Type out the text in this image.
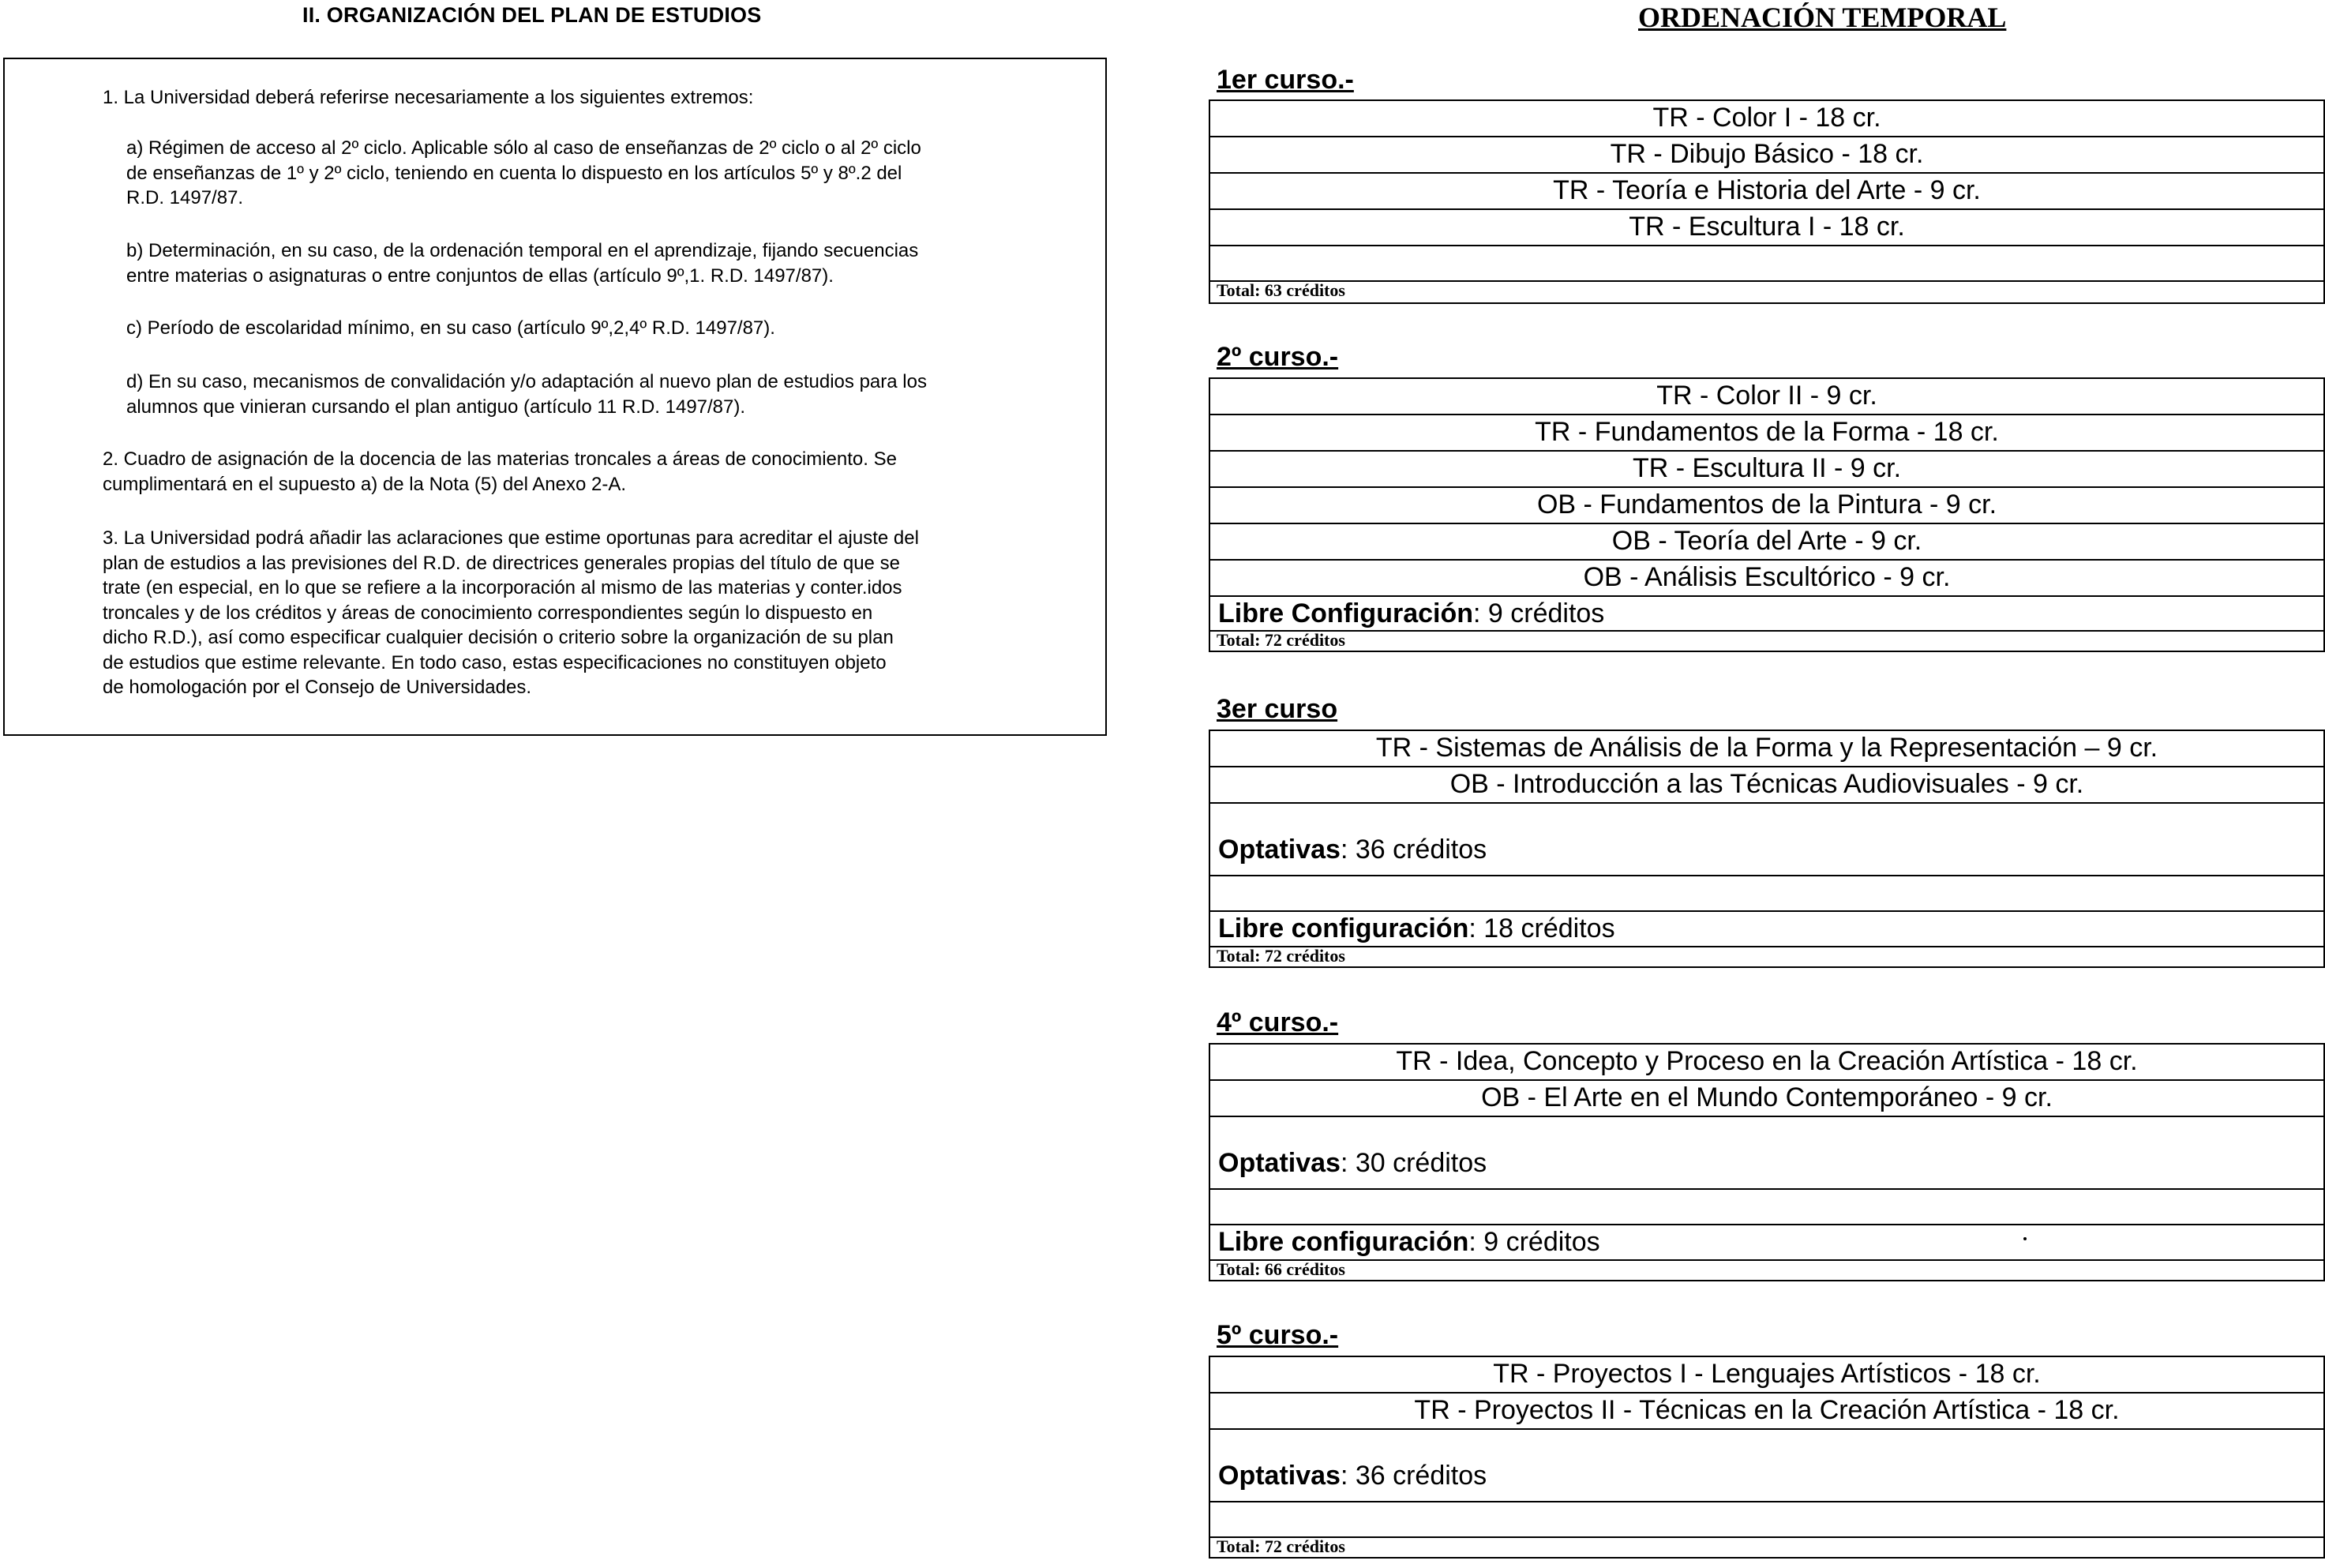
II. ORGANIZACIÓN DEL PLAN DE ESTUDIOS
1. La Universidad deberá referirse necesariamente a los siguientes extremos:
a) Régimen de acceso al 2º ciclo. Aplicable sólo al caso de enseñanzas de 2º ciclo o al 2º ciclo
de enseñanzas de 1º y 2º ciclo, teniendo en cuenta lo dispuesto en los artículos 5º y 8º.2 del
R.D. 1497/87.
b) Determinación, en su caso, de la ordenación temporal en el aprendizaje, fijando secuencias
entre materias o asignaturas o entre conjuntos de ellas (artículo 9º,1. R.D. 1497/87).
c) Período de escolaridad mínimo, en su caso (artículo 9º,2,4º R.D. 1497/87).
d) En su caso, mecanismos de convalidación y/o adaptación al nuevo plan de estudios para los
alumnos que vinieran cursando el plan antiguo (artículo 11 R.D. 1497/87).
2. Cuadro de asignación de la docencia de las materias troncales a áreas de conocimiento. Se
cumplimentará en el supuesto a) de la Nota (5) del Anexo 2-A.
3. La Universidad podrá añadir las aclaraciones que estime oportunas para acreditar el ajuste del
plan de estudios a las previsiones del R.D. de directrices generales propias del título de que se
trate (en especial, en lo que se refiere a la incorporación al mismo de las materias y conter.idos
troncales y de los créditos y áreas de conocimiento correspondientes según lo dispuesto en
dicho R.D.), así como especificar cualquier decisión o criterio sobre la organización de su plan
de estudios que estime relevante. En todo caso, estas especificaciones no constituyen objeto
de homologación por el Consejo de Universidades.
ORDENACIÓN TEMPORAL
1er curso.-
TR - Color I - 18 cr.
TR - Dibujo Básico - 18 cr.
TR - Teoría e Historia del Arte - 9 cr.
TR - Escultura I - 18 cr.
Total: 63 créditos
2º curso.-
TR - Color II - 9 cr.
TR - Fundamentos de la Forma - 18 cr.
TR - Escultura II - 9 cr.
OB - Fundamentos de la Pintura - 9 cr.
OB - Teoría del Arte - 9 cr.
OB - Análisis Escultórico - 9 cr.
Libre Configuración: 9 créditos
Total: 72 créditos
3er curso
TR - Sistemas de Análisis de la Forma y la Representación – 9 cr.
OB - Introducción a las Técnicas Audiovisuales - 9 cr.
Optativas: 36 créditos
Libre configuración: 18 créditos
Total: 72 créditos
4º curso.-
TR - Idea, Concepto y Proceso en la Creación Artística - 18 cr.
OB - El Arte en el Mundo Contemporáneo - 9 cr.
Optativas: 30 créditos
Libre configuración: 9 créditos
Total: 66 créditos
5º curso.-
TR - Proyectos I - Lenguajes Artísticos - 18 cr.
TR - Proyectos II - Técnicas en la Creación Artística - 18 cr.
Optativas: 36 créditos
Total: 72 créditos
